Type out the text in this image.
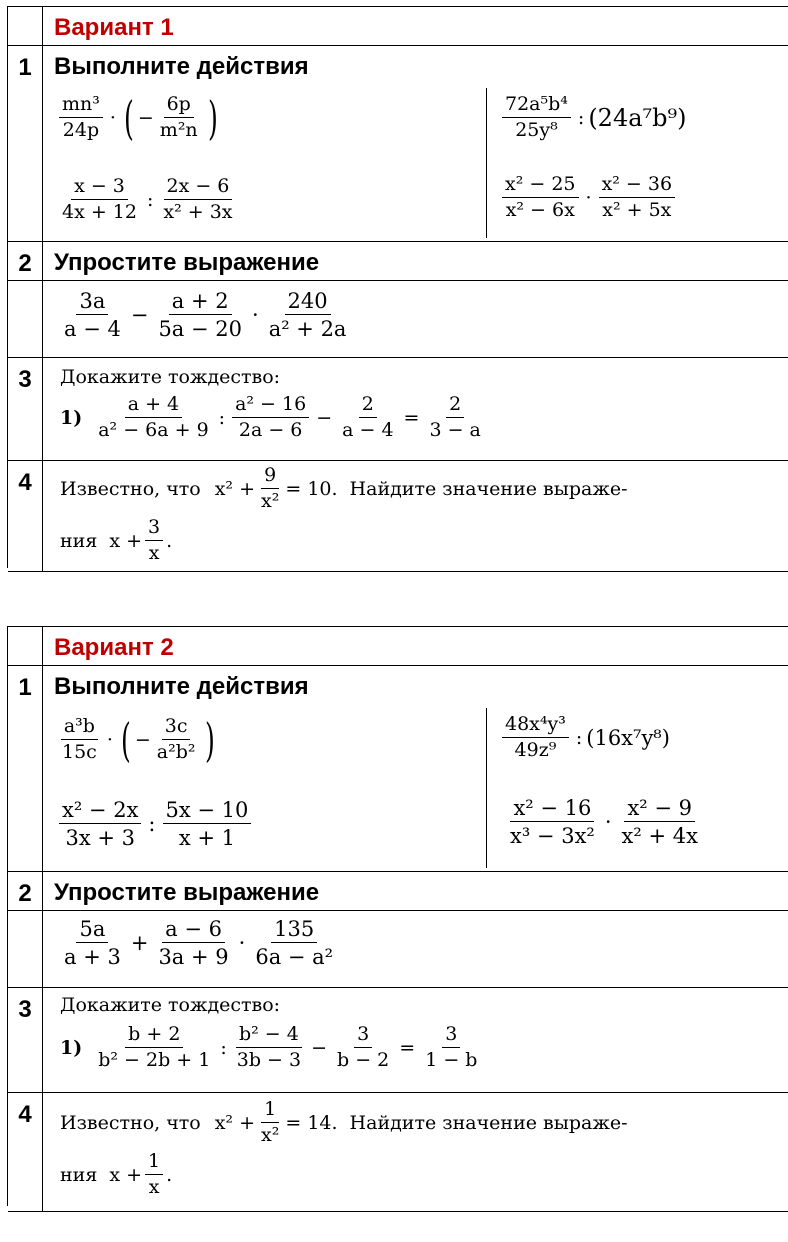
Вариант 1
1 Выполните действия
$\frac{\text{mn³}}{24p}$ · ( − $\frac{6p}{\text{m²n}}$ )
$\frac{x - 3}{4x + 12}$ : $\frac{2x - 6}{\text{x² + 3x}}$
$\frac{\text{72a⁵b⁴}}{\text{25y⁸}}$ : (24a⁷b⁹)
$\frac{\text{x² − 25}}{\text{x² − 6x}} \cdot \frac{\text{x² − 36}}{\text{x² + 5x}}$
2 Упростите выражение
$\frac{3a}{a - 4} - \frac{a + 2}{5a - 20} \cdot \frac{240}{\text{a² + 2a}}$
3	Докажите тождество:
$1) \frac{a + 4}{\text{a² − 6a + 9}}$ : $\frac{\text{a² − 16}}{2a - 6} - \frac{2}{a - 4} = \frac{2}{3 - a}$
4	Известно, что $x^2 + \frac{9}{\text{x²}} = 10$. Найдите значение выраже-
ния $x + \frac{3}{x}$ .
Вариант 2
1 Выполните действия
$\frac{\text{a³b}}{15c}$ · ( − $\frac{3c}{\text{a²b²}}$ )
$\frac{\text{x² − 2x}}{3x + 3}$ : $\frac{5x - 10}{x + 1}$
$\frac{\text{48x⁴y³}}{\text{49z⁹}}$ : (16x⁷y⁸)
$\frac{\text{x² − 16}}{\text{x³ − 3x²}} \cdot \frac{\text{x² − 9}}{\text{x² + 4x}}$
2 Упростите выражение
$\frac{5a}{a + 3} + \frac{a - 6}{3a + 9} \cdot \frac{135}{\text{6a − a²}}$
3	Докажите тождество:
$1) \frac{b + 2}{\text{b² − 2b + 1}}$ : $\frac{\text{b² − 4}}{3b - 3} - \frac{3}{b - 2} = \frac{3}{1 - b}$
4	Известно, что $x^2 + \frac{1}{\text{x²}} = 14$. Найдите значение выраже-
ния $x + \frac{1}{x}$ .
